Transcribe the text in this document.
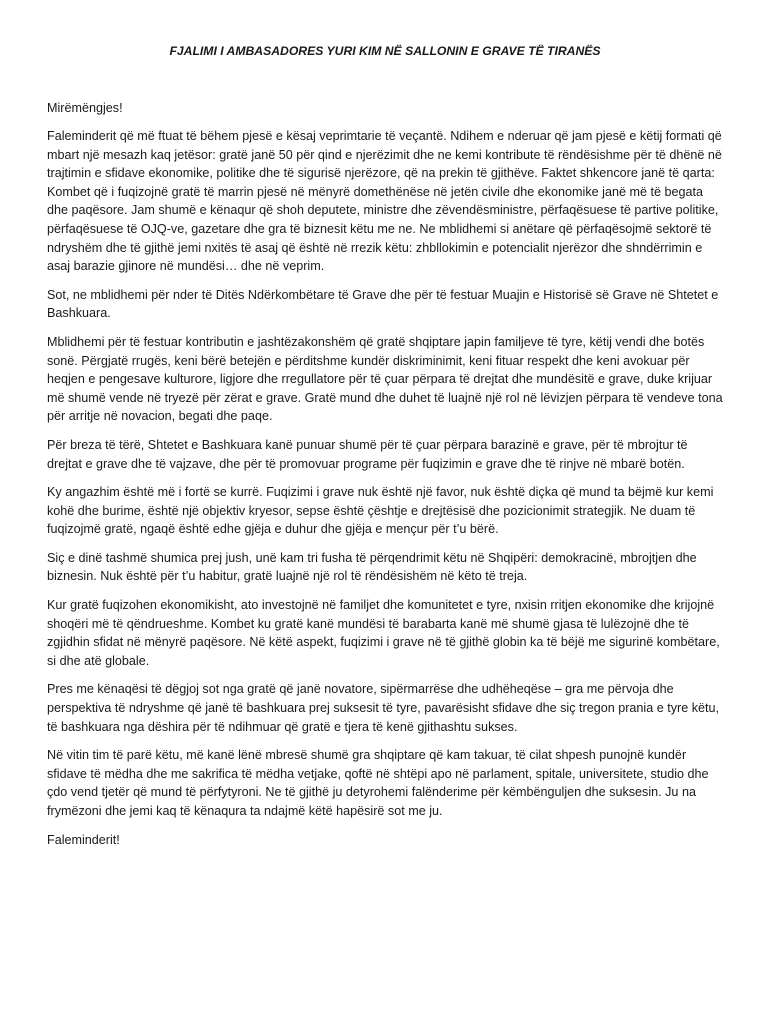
FJALIMI I AMBASADORES YURI KIM NË SALLONIN E GRAVE TË TIRANËS

Mirëmëngjes!

Faleminderit që më ftuat të bëhem pjesë e kësaj veprimtarie të veçantë. Ndihem e nderuar që jam pjesë e këtij formati që mbart një mesazh kaq jetësor: gratë janë 50 për qind e njerëzimit dhe ne kemi kontribute të rëndësishme për të dhënë në trajtimin e sfidave ekonomike, politike dhe të sigurisë njerëzore, që na prekin të gjithëve. Faktet shkencore janë të qarta: Kombet që i fuqizojnë gratë të marrin pjesë në mënyrë domethënëse në jetën civile dhe ekonomike janë më të begata dhe paqësore. Jam shumë e kënaqur që shoh deputete, ministre dhe zëvendësministre, përfaqësuese të partive politike, përfaqësuese të OJQ-ve, gazetare dhe gra të biznesit këtu me ne. Ne mblidhemi si anëtare që përfaqësojmë sektorë të ndryshëm dhe të gjithë jemi nxitës të asaj që është në rrezik këtu: zhbllokimin e potencialit njerëzor dhe shndërrimin e asaj barazie gjinore në mundësi… dhe në veprim.

Sot, ne mblidhemi për nder të Ditës Ndërkombëtare të Grave dhe për të festuar Muajin e Historisë së Grave në Shtetet e Bashkuara.

Mblidhemi për të festuar kontributin e jashtëzakonshëm që gratë shqiptare japin familjeve të tyre, këtij vendi dhe botës sonë. Përgjatë rrugës, keni bërë betejën e përditshme kundër diskriminimit, keni fituar respekt dhe keni avokuar për heqjen e pengesave kulturore, ligjore dhe rregullatore për të çuar përpara të drejtat dhe mundësitë e grave, duke krijuar më shumë vende në tryezë për zërat e grave. Gratë mund dhe duhet të luajnë një rol në lëvizjen përpara të vendeve tona për arritje në novacion, begati dhe paqe.

Për breza të tërë, Shtetet e Bashkuara kanë punuar shumë për të çuar përpara barazinë e grave, për të mbrojtur të drejtat e grave dhe të vajzave, dhe për të promovuar programe për fuqizimin e grave dhe të rinjve në mbarë botën.

Ky angazhim është më i fortë se kurrë. Fuqizimi i grave nuk është një favor, nuk është diçka që mund ta bëjmë kur kemi kohë dhe burime, është një objektiv kryesor, sepse është çështje e drejtësisë dhe pozicionimit strategjik. Ne duam të fuqizojmë gratë, ngaqë është edhe gjëja e duhur dhe gjëja e mençur për t’u bërë.

Siç e dinë tashmë shumica prej jush, unë kam tri fusha të përqendrimit këtu në Shqipëri: demokracinë, mbrojtjen dhe biznesin. Nuk është për t’u habitur, gratë luajnë një rol të rëndësishëm në këto të treja.

Kur gratë fuqizohen ekonomikisht, ato investojnë në familjet dhe komunitetet e tyre, nxisin rritjen ekonomike dhe krijojnë shoqëri më të qëndrueshme. Kombet ku gratë kanë mundësi të barabarta kanë më shumë gjasa të lulëzojnë dhe të zgjidhin sfidat në mënyrë paqësore. Në këtë aspekt, fuqizimi i grave në të gjithë globin ka të bëjë me sigurinë kombëtare, si dhe atë globale.

Pres me kënaqësi të dëgjoj sot nga gratë që janë novatore, sipërmarrëse dhe udhëheqëse – gra me përvoja dhe perspektiva të ndryshme që janë të bashkuara prej suksesit të tyre, pavarësisht sfidave dhe siç tregon prania e tyre këtu, të bashkuara nga dëshira për të ndihmuar që gratë e tjera të kenë gjithashtu sukses.

Në vitin tim të parë këtu, më kanë lënë mbresë shumë gra shqiptare që kam takuar, të cilat shpesh punojnë kundër sfidave të mëdha dhe me sakrifica të mëdha vetjake, qoftë në shtëpi apo në parlament, spitale, universitete, studio dhe çdo vend tjetër që mund të përfytyroni. Ne të gjithë ju detyrohemi falënderime për këmbënguljen dhe suksesin. Ju na frymëzoni dhe jemi kaq të kënaqura ta ndajmë këtë hapësirë sot me ju.

Faleminderit!
